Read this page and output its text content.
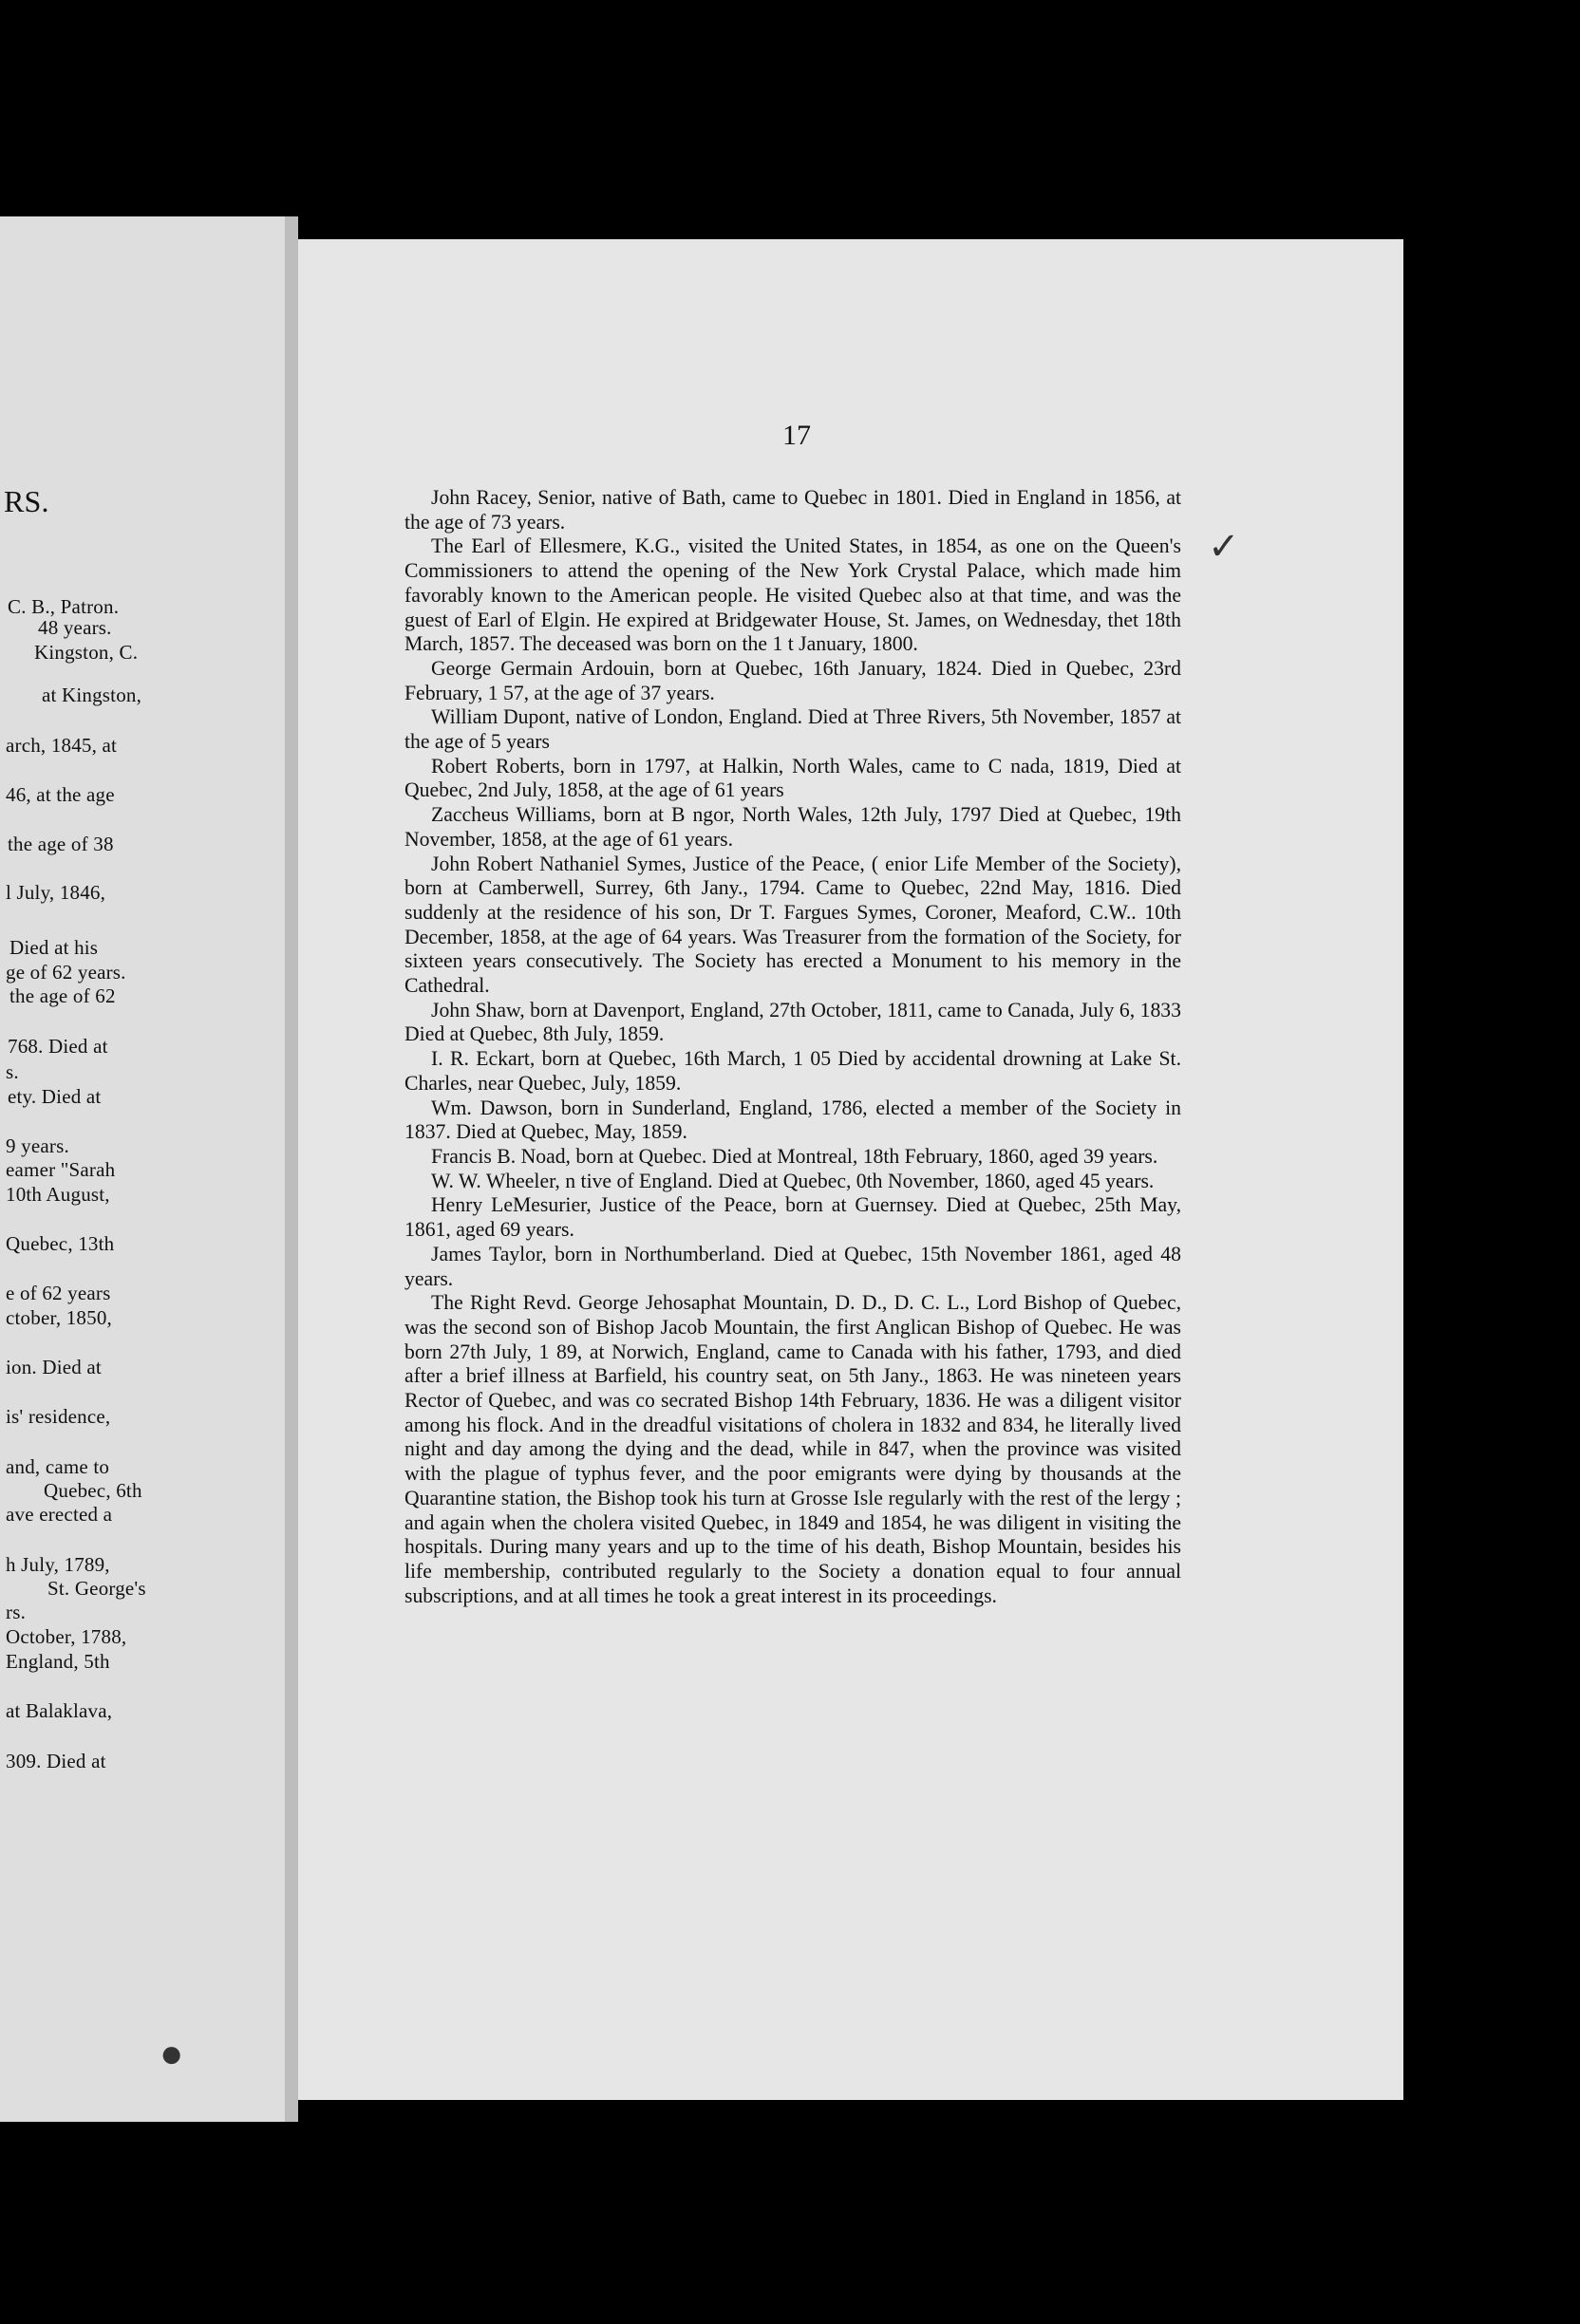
RS.
C. B., Patron.
48 years.
Kingston, C.
at Kingston,
arch, 1845, at
46, at the age
the age of 38
l July, 1846,
Died at his
ge of 62 years.
the age of 62
768. Died at
s.
ety. Died at
9 years.
eamer "Sarah
10th August,
Quebec, 13th
e of 62 years
ctober, 1850,
ion. Died at
is' residence,
and, came to
Quebec, 6th
ave erected a
h July, 1789,
St. George's
rs.
October, 1788,
England, 5th
at Balaklava,
309. Died at
●
17

John Racey, Senior, native of Bath, came to Quebec in 1801. Died in England in 1856, at the age of 73 years.

The Earl of Ellesmere, K.G., visited the United States, in 1854, as one on the Queen's Commissioners to attend the opening of the New York Crystal Palace, which made him favorably known to the American people. He visited Quebec also at that time, and was the guest of Earl of Elgin. He expired at Bridgewater House, St. James, on Wednesday, thet 18th March, 1857. The deceased was born on the 1 t January, 1800.

George Germain Ardouin, born at Quebec, 16th January, 1824. Died in Quebec, 23rd February, 1 57, at the age of 37 years.

William Dupont, native of London, England. Died at Three Rivers, 5th November, 1857 at the age of 5 years

Robert Roberts, born in 1797, at Halkin, North Wales, came to C nada, 1819, Died at Quebec, 2nd July, 1858, at the age of 61 years

Zaccheus Williams, born at B ngor, North Wales, 12th July, 1797 Died at Quebec, 19th November, 1858, at the age of 61 years.

John Robert Nathaniel Symes, Justice of the Peace, ( enior Life Member of the Society), born at Camberwell, Surrey, 6th Jany., 1794. Came to Quebec, 22nd May, 1816. Died suddenly at the residence of his son, Dr T. Fargues Symes, Coroner, Meaford, C.W.. 10th December, 1858, at the age of 64 years. Was Treasurer from the formation of the Society, for sixteen years consecutively. The Society has erected a Monument to his memory in the Cathedral.

John Shaw, born at Davenport, England, 27th October, 1811, came to Canada, July 6, 1833 Died at Quebec, 8th July, 1859.

I. R. Eckart, born at Quebec, 16th March, 1 05 Died by accidental drowning at Lake St. Charles, near Quebec, July, 1859.

Wm. Dawson, born in Sunderland, England, 1786, elected a member of the Society in 1837. Died at Quebec, May, 1859.

Francis B. Noad, born at Quebec. Died at Montreal, 18th February, 1860, aged 39 years.

W. W. Wheeler, n tive of England. Died at Quebec, 0th November, 1860, aged 45 years.

Henry LeMesurier, Justice of the Peace, born at Guernsey. Died at Quebec, 25th May, 1861, aged 69 years.

James Taylor, born in Northumberland. Died at Quebec, 15th November 1861, aged 48 years.

The Right Revd. George Jehosaphat Mountain, D. D., D. C. L., Lord Bishop of Quebec, was the second son of Bishop Jacob Mountain, the first Anglican Bishop of Quebec. He was born 27th July, 1 89, at Norwich, England, came to Canada with his father, 1793, and died after a brief illness at Barfield, his country seat, on 5th Jany., 1863. He was nineteen years Rector of Quebec, and was co secrated Bishop 14th February, 1836. He was a diligent visitor among his flock. And in the dreadful visitations of cholera in 1832 and 834, he literally lived night and day among the dying and the dead, while in 847, when the province was visited with the plague of typhus fever, and the poor emigrants were dying by thousands at the Quarantine station, the Bishop took his turn at Grosse Isle regularly with the rest of the lergy ; and again when the cholera visited Quebec, in 1849 and 1854, he was diligent in visiting the hospitals. During many years and up to the time of his death, Bishop Mountain, besides his life membership, contributed regularly to the Society a donation equal to four annual subscriptions, and at all times he took a great interest in its proceedings.

✓
